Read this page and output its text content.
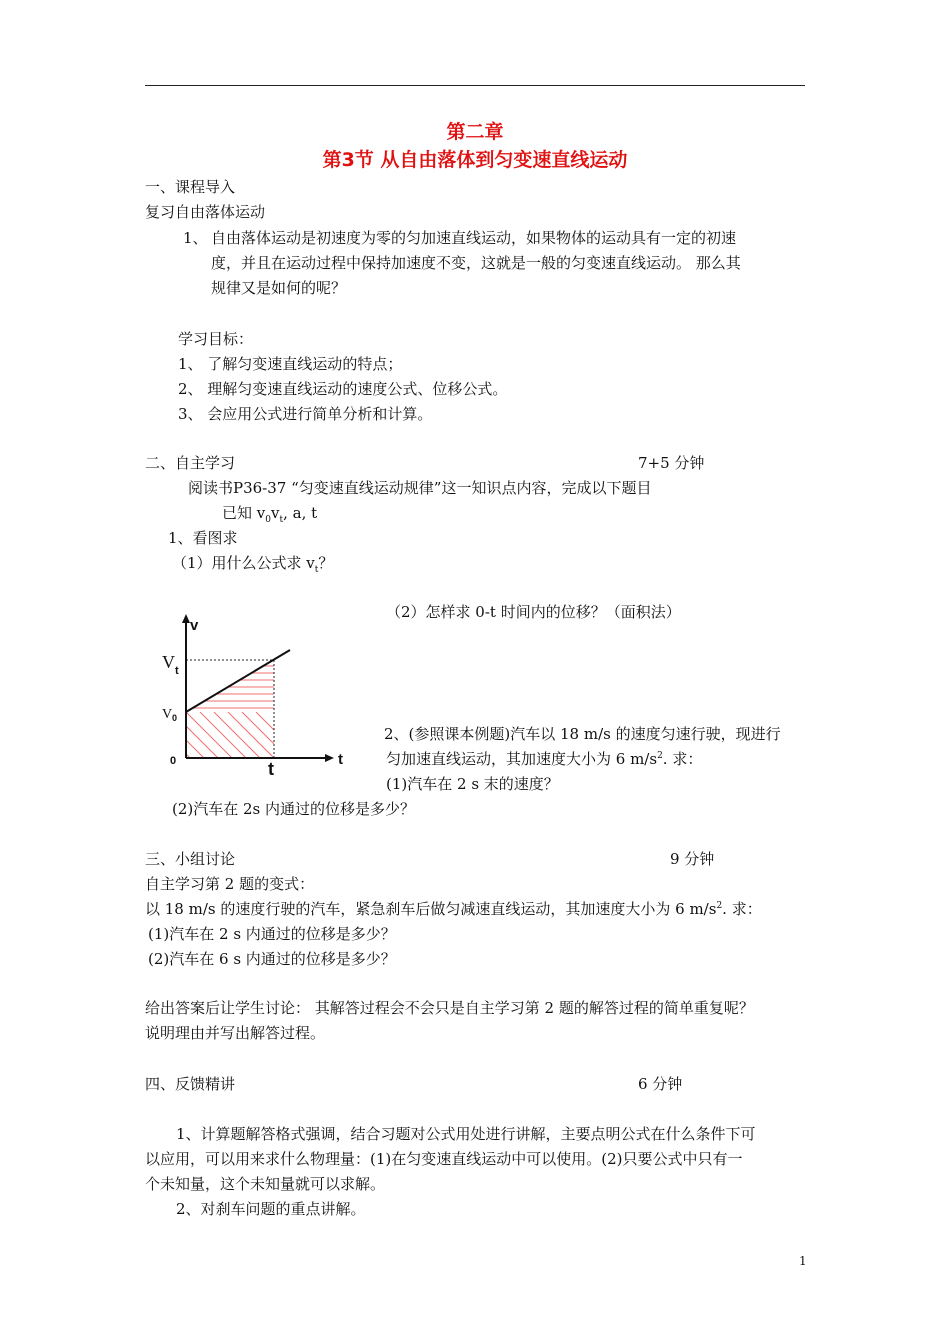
第二章
第3节 从自由落体到匀变速直线运动
一、课程导入
复习自由落体运动
1、 自由落体运动是初速度为零的匀加速直线运动，如果物体的运动具有一定的初速
度，并且在运动过程中保持加速度不变，这就是一般的匀变速直线运动。 那么其
规律又是如何的呢？
学习目标：
1、 了解匀变速直线运动的特点；
2、 理解匀变速直线运动的速度公式、位移公式。
3、 会应用公式进行简单分析和计算。
二、自主学习	7+5 分钟
阅读书P36-37 “匀变速直线运动规律”这一知识点内容，完成以下题目
已知 $v_0v_t$, a, t
1、看图求
（1）用什么公式求 $v_t$？
（2）怎样求 0-t 时间内的位移？（面积法）
v
t
0
V t
V 0
t
2、(参照课本例题)汽车以 18 m/s 的速度匀速行驶，现进行
匀加速直线运动，其加速度大小为 6 $m/s^2$. 求：
(1)汽车在 2 s 末的速度？
(2)汽车在 2s 内通过的位移是多少？
三、小组讨论	9 分钟
自主学习第 2 题的变式：
以 18 m/s 的速度行驶的汽车，紧急刹车后做匀减速直线运动，其加速度大小为 6 $m/s^2$. 求：
(1)汽车在 2 s 内通过的位移是多少？
(2)汽车在 6 s 内通过的位移是多少？
给出答案后让学生讨论： 其解答过程会不会只是自主学习第 2 题的解答过程的简单重复呢？
说明理由并写出解答过程。
四、反馈精讲	6 分钟
1、计算题解答格式强调，结合习题对公式用处进行讲解，主要点明公式在什么条件下可
以应用，可以用来求什么物理量：(1)在匀变速直线运动中可以使用。(2)只要公式中只有一
个未知量，这个未知量就可以求解。
2、对刹车问题的重点讲解。
1
